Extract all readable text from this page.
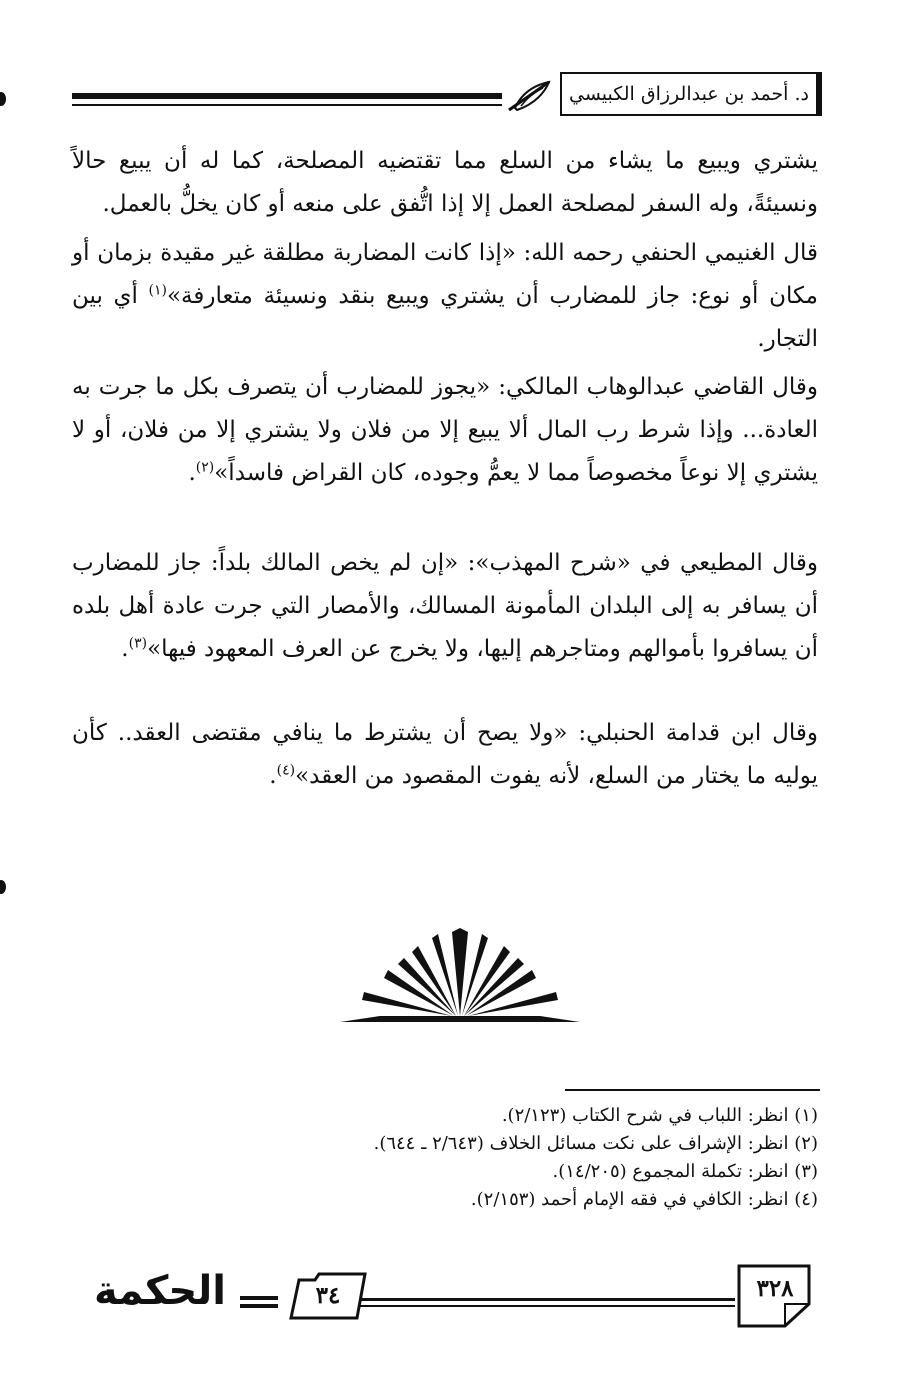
د. أحمد بن عبدالرزاق الكبيسي
يشتري ويبيع ما يشاء من السلع مما تقتضيه المصلحة، كما له أن يبيع حالاً ونسيئةً، وله السفر لمصلحة العمل إلا إذا اتُّفق على منعه أو كان يخلُّ بالعمل.
قال الغنيمي الحنفي رحمه الله: «إذا كانت المضاربة مطلقة غير مقيدة بزمان أو مكان أو نوع: جاز للمضارب أن يشتري ويبيع بنقد ونسيئة متعارفة»$^{(١)}$ أي بين التجار.
وقال القاضي عبدالوهاب المالكي: «يجوز للمضارب أن يتصرف بكل ما جرت به العادة... وإذا شرط رب المال ألا يبيع إلا من فلان ولا يشتري إلا من فلان، أو لا يشتري إلا نوعاً مخصوصاً مما لا يعمُّ وجوده، كان القراض فاسداً»$^{(٢)}$.
وقال المطيعي في «شرح المهذب»: «إن لم يخص المالك بلداً: جاز للمضارب أن يسافر به إلى البلدان المأمونة المسالك، والأمصار التي جرت عادة أهل بلده أن يسافروا بأموالهم ومتاجرهم إليها، ولا يخرج عن العرف المعهود فيها»$^{(٣)}$.
وقال ابن قدامة الحنبلي: «ولا يصح أن يشترط ما ينافي مقتضى العقد.. كأن يوليه ما يختار من السلع، لأنه يفوت المقصود من العقد»$^{(٤)}$.
(١) انظر: اللباب في شرح الكتاب (٢/١٢٣).
(٢) انظر: الإشراف على نكت مسائل الخلاف (٢/٦٤٣ ـ ٦٤٤).
(٣) انظر: تكملة المجموع (١٤/٢٠٥).
(٤) انظر: الكافي في فقه الإمام أحمد (٢/١٥٣).
٣٢٨
٣٤
الحكمة
